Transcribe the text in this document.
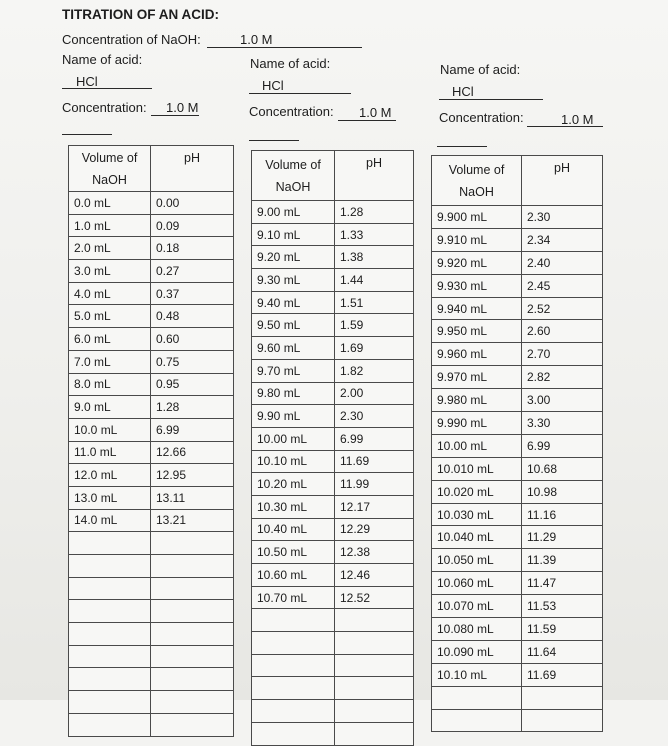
TITRATION OF AN ACID:
Concentration of NaOH:	1.0 M
Name of acid:
HCl
Concentration: 1.0 M
Name of acid:
HCl
Concentration: 1.0 M
Name of acid:
HCl
Concentration:	1.0 M
Volume of
NaOH	pH
0.0 mL	0.00
1.0 mL	0.09
2.0 mL	0.18
3.0 mL	0.27
4.0 mL	0.37
5.0 mL	0.48
6.0 mL	0.60
7.0 mL	0.75
8.0 mL	0.95
9.0 mL	1.28
10.0 mL	6.99
11.0 mL	12.66
12.0 mL	12.95
13.0 mL	13.11
14.0 mL	13.21

Volume of
NaOH	pH
9.00 mL	1.28
9.10 mL	1.33
9.20 mL	1.38
9.30 mL	1.44
9.40 mL	1.51
9.50 mL	1.59
9.60 mL	1.69
9.70 mL	1.82
9.80 mL	2.00
9.90 mL	2.30
10.00 mL	6.99
10.10 mL	11.69
10.20 mL	11.99
10.30 mL	12.17
10.40 mL	12.29
10.50 mL	12.38
10.60 mL	12.46
10.70 mL	12.52

Volume of
NaOH	pH
9.900 mL	2.30
9.910 mL	2.34
9.920 mL	2.40
9.930 mL	2.45
9.940 mL	2.52
9.950 mL	2.60
9.960 mL	2.70
9.970 mL	2.82
9.980 mL	3.00
9.990 mL	3.30
10.00 mL	6.99
10.010 mL	10.68
10.020 mL	10.98
10.030 mL	11.16
10.040 mL	11.29
10.050 mL	11.39
10.060 mL	11.47
10.070 mL	11.53
10.080 mL	11.59
10.090 mL	11.64
10.10 mL	11.69
